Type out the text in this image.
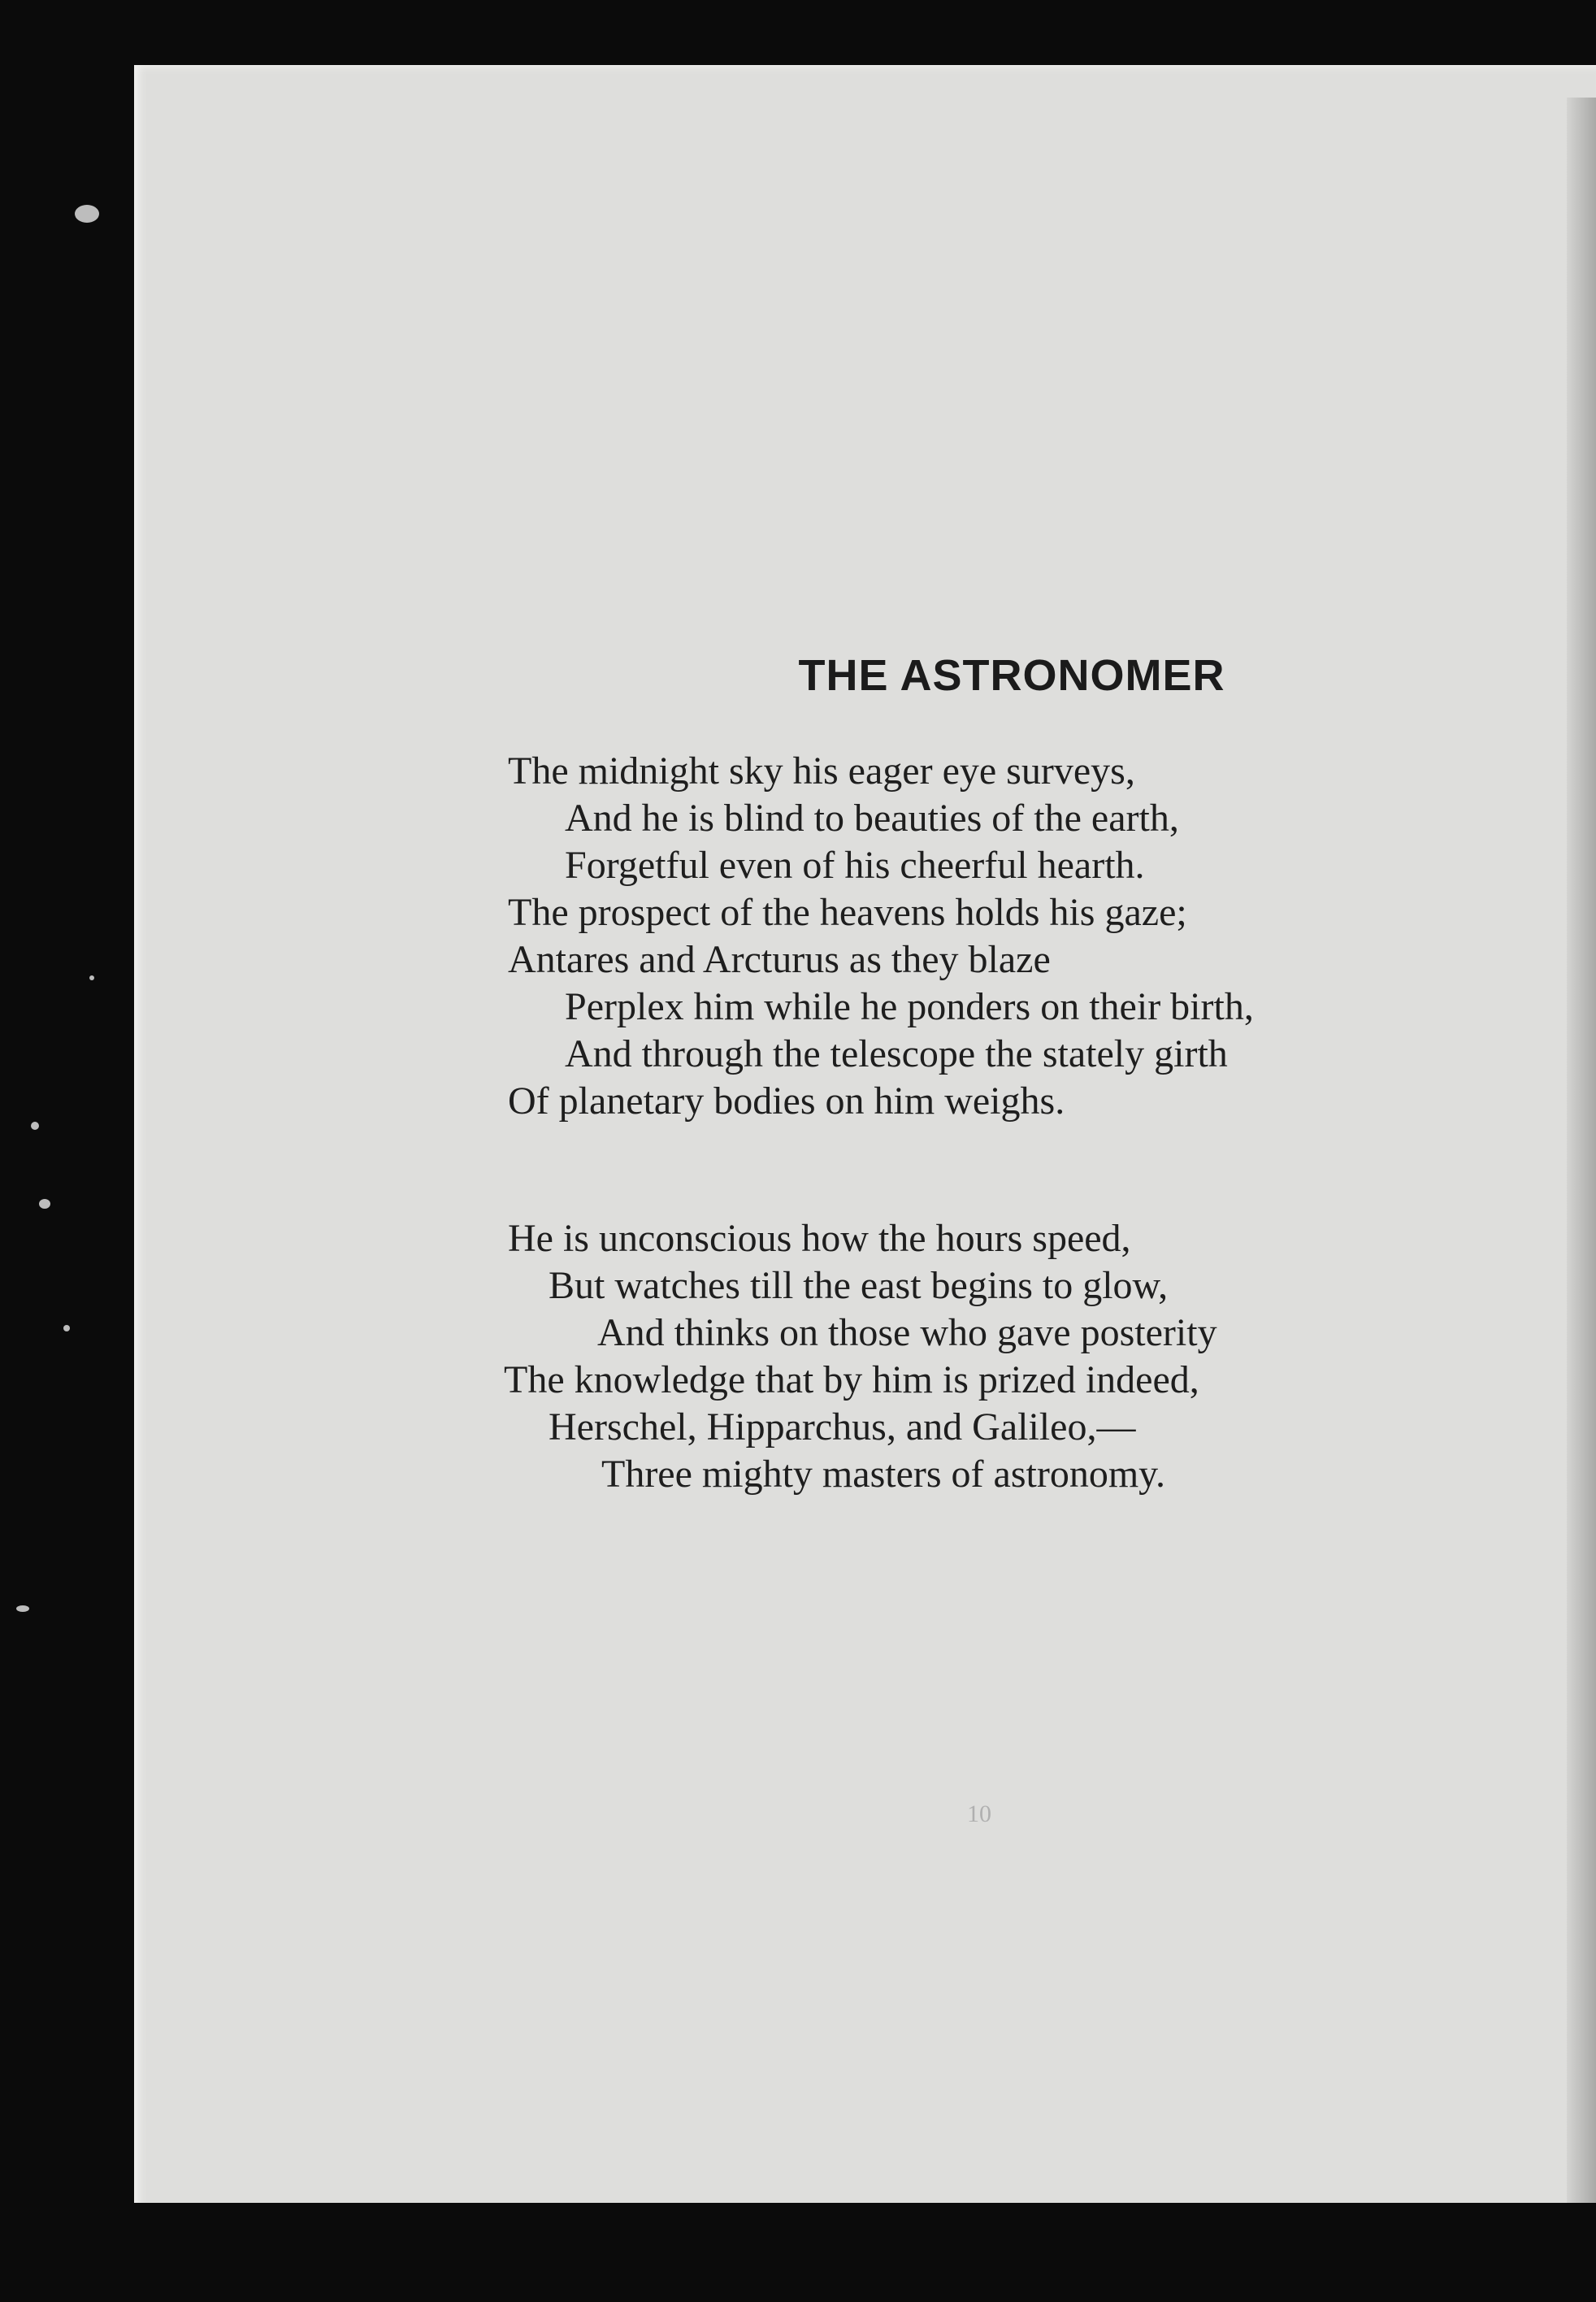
THE ASTRONOMER
The midnight sky his eager eye surveys,
And he is blind to beauties of the earth,
Forgetful even of his cheerful hearth.
The prospect of the heavens holds his gaze;
Antares and Arcturus as they blaze
Perplex him while he ponders on their birth,
And through the telescope the stately girth
Of planetary bodies on him weighs.
He is unconscious how the hours speed,
But watches till the east begins to glow,
And thinks on those who gave posterity
The knowledge that by him is prized indeed,
Herschel, Hipparchus, and Galileo,—
Three mighty masters of astronomy.
10
